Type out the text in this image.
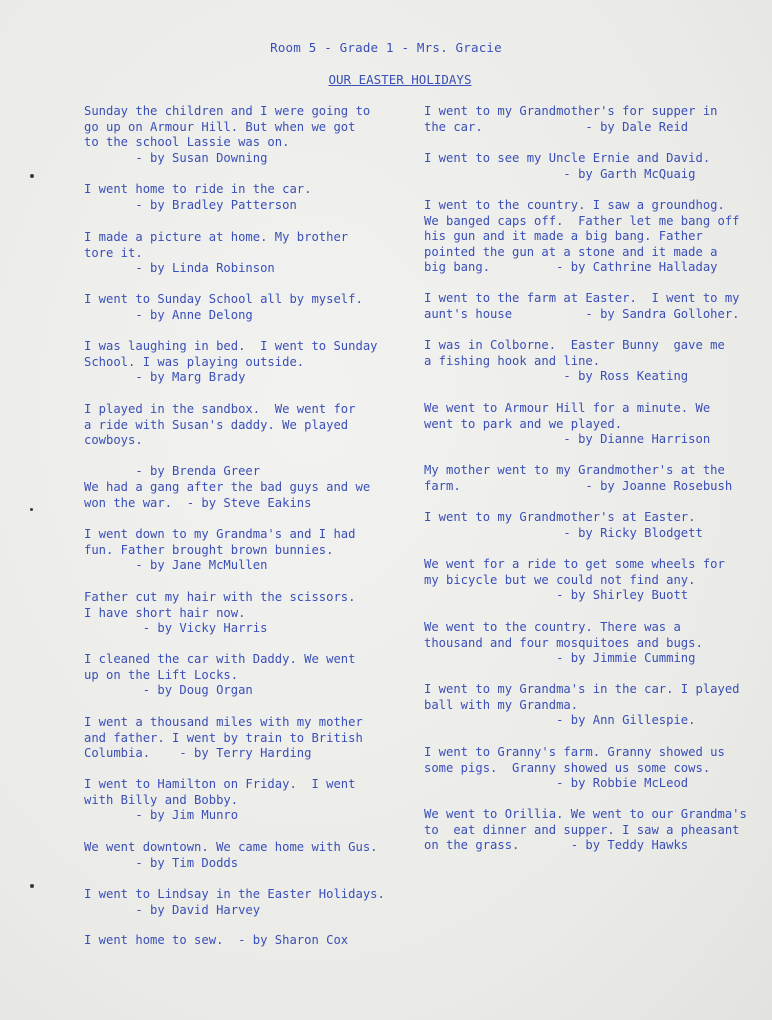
Room 5 - Grade 1 - Mrs. Gracie
OUR EASTER HOLIDAYS

Sunday the children and I were going to
go up on Armour Hill. But when we got
to the school Lassie was on.
- by Susan Downing

I went home to ride in the car.
- by Bradley Patterson

I made a picture at home. My brother
tore it.
- by Linda Robinson

I went to Sunday School all by myself.
- by Anne Delong

I was laughing in bed.  I went to Sunday
School. I was playing outside.
- by Marg Brady

I played in the sandbox.  We went for
a ride with Susan's daddy. We played
cowboys.

- by Brenda Greer

We had a gang after the bad guys and we
won the war.  - by Steve Eakins

I went down to my Grandma's and I had
fun. Father brought brown bunnies.
- by Jane McMullen

Father cut my hair with the scissors.
I have short hair now.
- by Vicky Harris

I cleaned the car with Daddy. We went
up on the Lift Locks.
- by Doug Organ

I went a thousand miles with my mother
and father. I went by train to British
Columbia.    - by Terry Harding

I went to Hamilton on Friday.  I went
with Billy and Bobby.
- by Jim Munro

We went downtown. We came home with Gus.
- by Tim Dodds

I went to Lindsay in the Easter Holidays.
- by David Harvey

I went home to sew.  - by Sharon Cox

I went to my Grandmother's for supper in
the car.              - by Dale Reid

I went to see my Uncle Ernie and David.
- by Garth McQuaig

I went to the country. I saw a groundhog.
We banged caps off.  Father let me bang off
his gun and it made a big bang. Father
pointed the gun at a stone and it made a
big bang.         - by Cathrine Halladay

I went to the farm at Easter.  I went to my
aunt's house          - by Sandra Golloher.

I was in Colborne.  Easter Bunny  gave me
a fishing hook and line.
- by Ross Keating

We went to Armour Hill for a minute. We
went to park and we played.
- by Dianne Harrison

My mother went to my Grandmother's at the
farm.                 - by Joanne Rosebush

I went to my Grandmother's at Easter.
- by Ricky Blodgett

We went for a ride to get some wheels for
my bicycle but we could not find any.
- by Shirley Buott

We went to the country. There was a
thousand and four mosquitoes and bugs.
- by Jimmie Cumming

I went to my Grandma's in the car. I played
ball with my Grandma.
- by Ann Gillespie.

I went to Granny's farm. Granny showed us
some pigs.  Granny showed us some cows.
- by Robbie McLeod

We went to Orillia. We went to our Grandma's
to  eat dinner and supper. I saw a pheasant
on the grass.       - by Teddy Hawks
